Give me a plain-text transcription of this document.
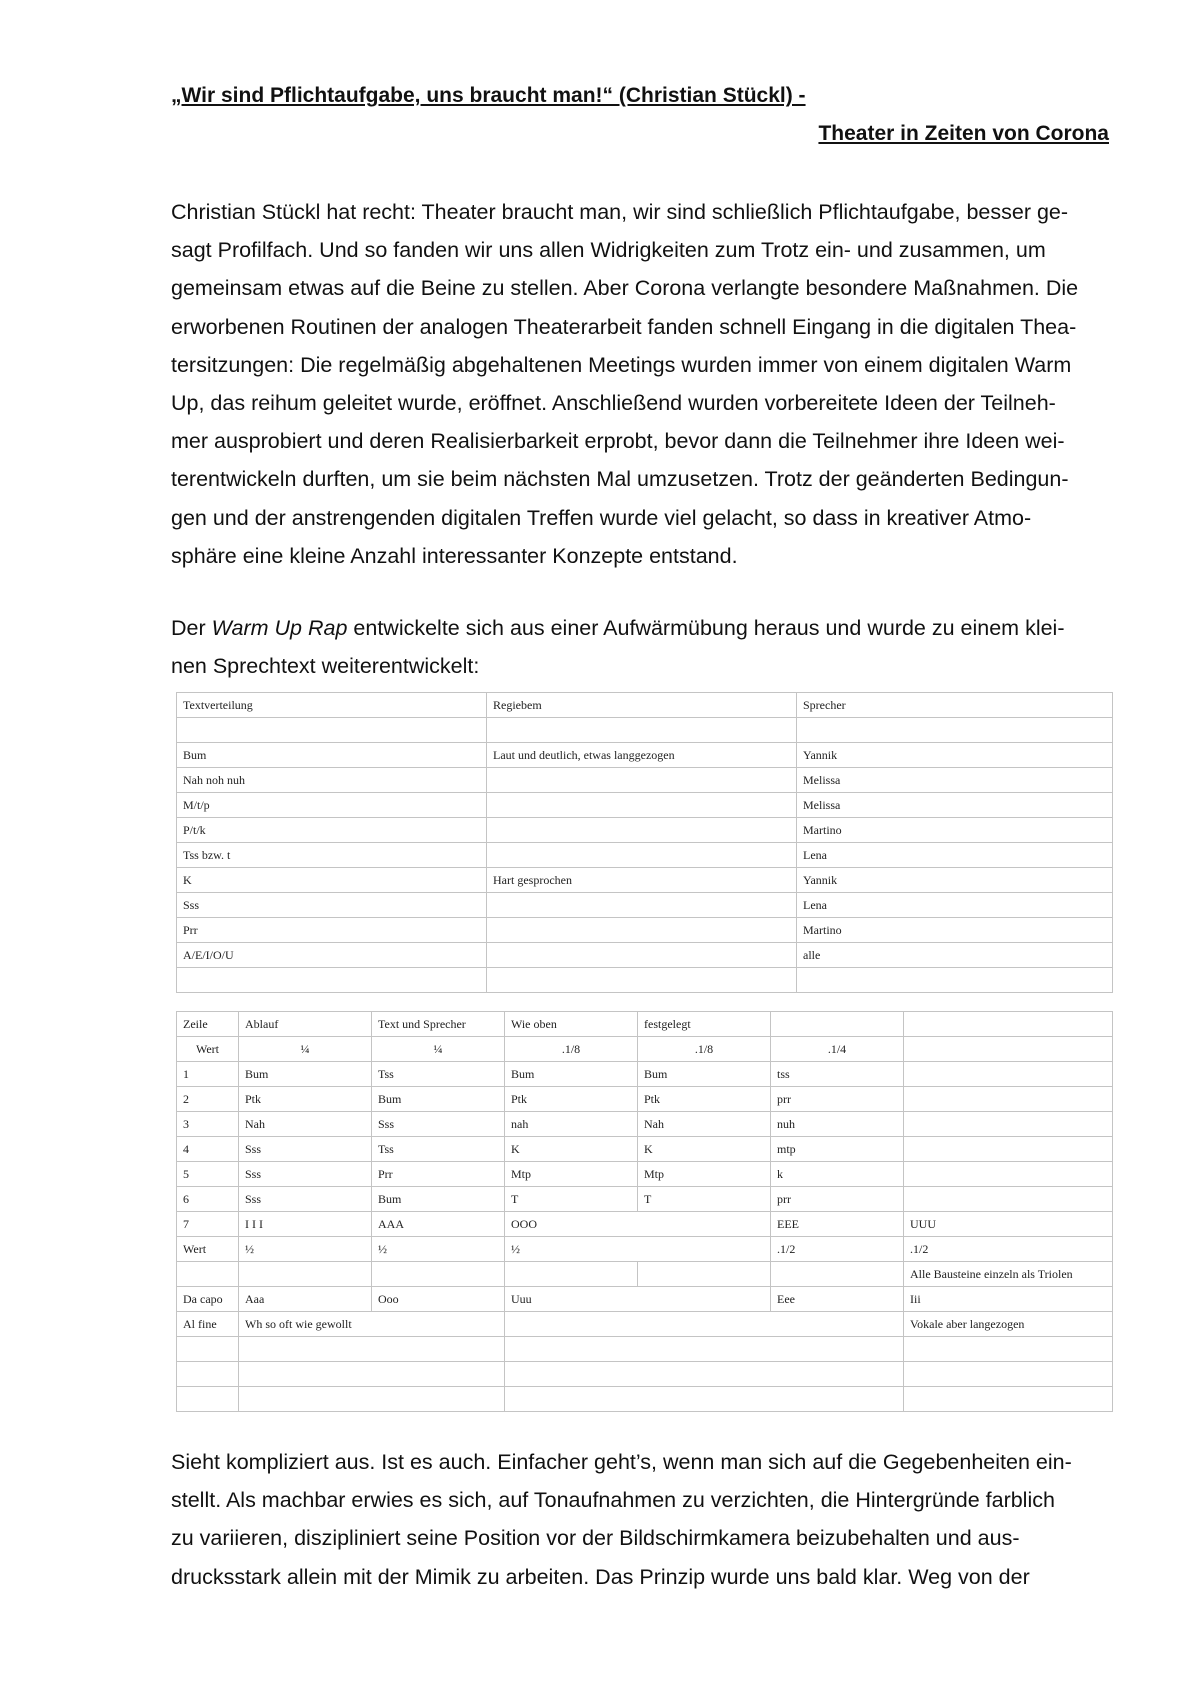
„Wir sind Pflichtaufgabe, uns braucht man!“ (Christian Stückl) -
Theater in Zeiten von Corona
Christian Stückl hat recht: Theater braucht man, wir sind schließlich Pflichtaufgabe, besser ge-
sagt Profilfach. Und so fanden wir uns allen Widrigkeiten zum Trotz ein- und zusammen, um
gemeinsam etwas auf die Beine zu stellen. Aber Corona verlangte besondere Maßnahmen. Die
erworbenen Routinen der analogen Theaterarbeit fanden schnell Eingang in die digitalen Thea-
tersitzungen: Die regelmäßig abgehaltenen Meetings wurden immer von einem digitalen Warm
Up, das reihum geleitet wurde, eröffnet. Anschließend wurden vorbereitete Ideen der Teilneh-
mer ausprobiert und deren Realisierbarkeit erprobt, bevor dann die Teilnehmer ihre Ideen wei-
terentwickeln durften, um sie beim nächsten Mal umzusetzen. Trotz der geänderten Bedingun-
gen und der anstrengenden digitalen Treffen wurde viel gelacht, so dass in kreativer Atmo-
sphäre eine kleine Anzahl interessanter Konzepte entstand.
Der Warm Up Rap entwickelte sich aus einer Aufwärmübung heraus und wurde zu einem klei-
nen Sprechtext weiterentwickelt:
Textverteilung	Regiebem	Sprecher

Bum	Laut und deutlich, etwas langgezogen	Yannik
Nah noh nuh		Melissa
M/t/p		Melissa
P/t/k		Martino
Tss bzw. t		Lena
K	Hart gesprochen	Yannik
Sss		Lena
Prr		Martino
A/E/I/O/U		alle

Zeile	Ablauf	Text und Sprecher	Wie oben	festgelegt		
Wert	¼	¼	.1/8	.1/8	.1/4	
1	Bum	Tss	Bum	Bum	tss	
2	Ptk	Bum	Ptk	Ptk	prr	
3	Nah	Sss	nah	Nah	nuh	
4	Sss	Tss	K	K	mtp	
5	Sss	Prr	Mtp	Mtp	k	
6	Sss	Bum	T	T	prr	
7	I I I	AAA	OOO		EEE	UUU
Wert	½	½	½		.1/2	.1/2
						Alle Bausteine einzeln als Triolen
Da capo	Aaa	Ooo	Uuu		Eee	Iii
Al fine	Wh so oft wie gewollt					Vokale aber langezogen

Sieht kompliziert aus. Ist es auch. Einfacher geht’s, wenn man sich auf die Gegebenheiten ein-
stellt. Als machbar erwies es sich, auf Tonaufnahmen zu verzichten, die Hintergründe farblich
zu variieren, diszipliniert seine Position vor der Bildschirmkamera beizubehalten und aus-
drucksstark allein mit der Mimik zu arbeiten. Das Prinzip wurde uns bald klar. Weg von der
